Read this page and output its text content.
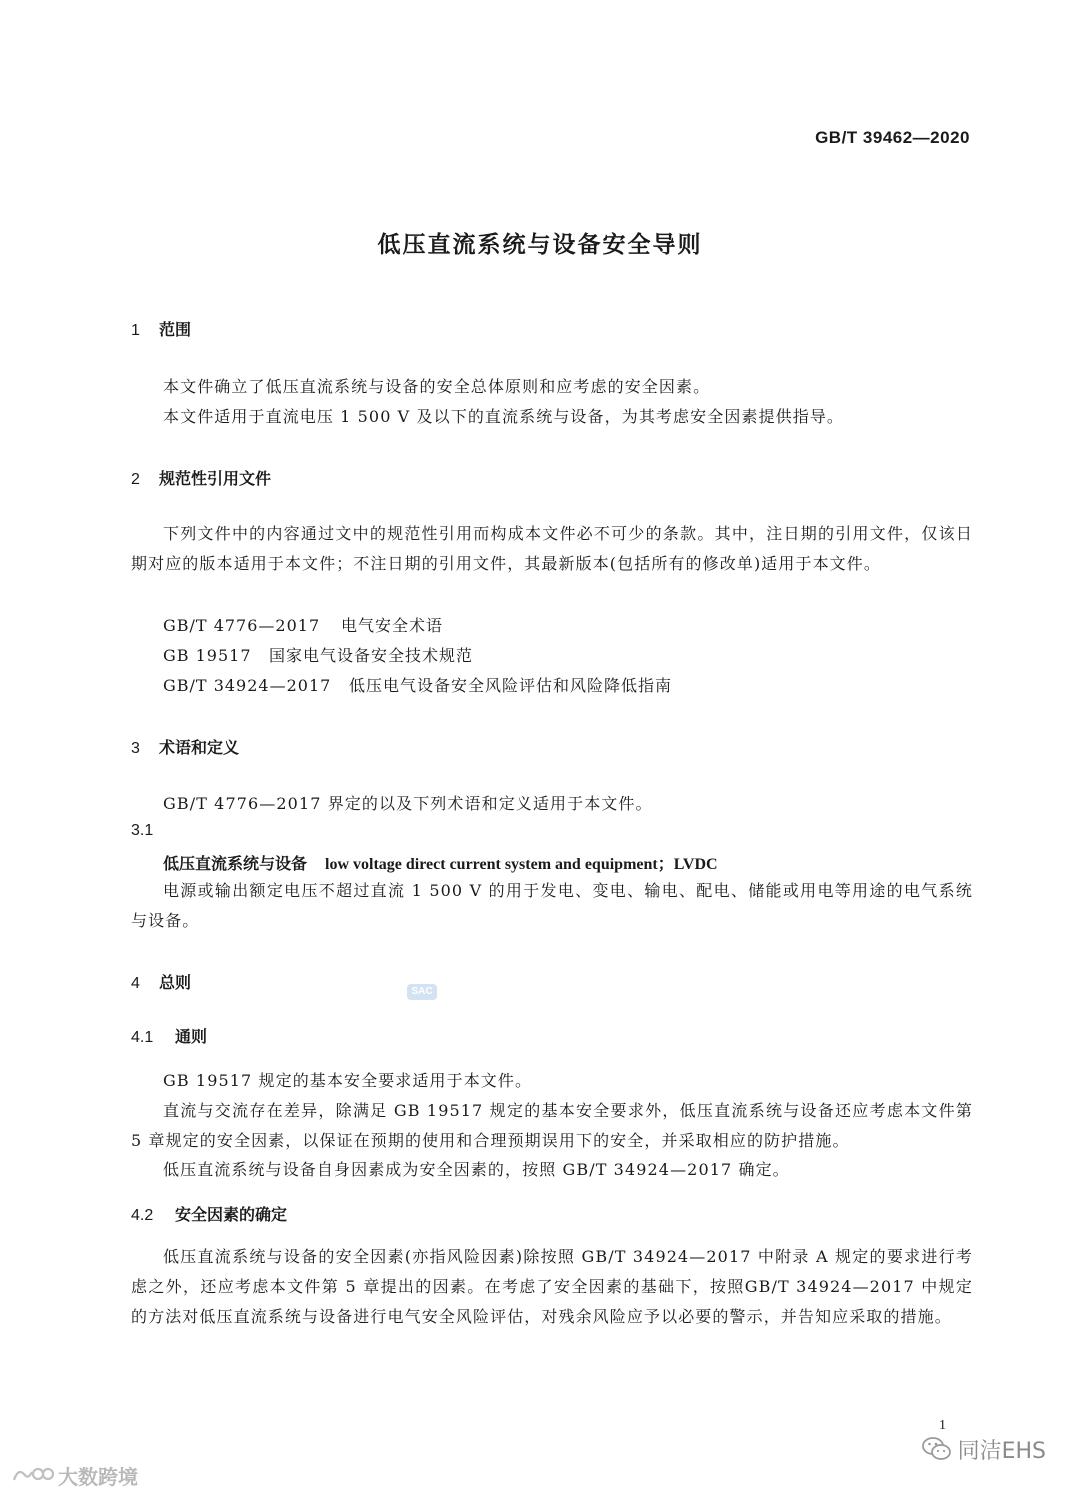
GB/T 39462—2020
低压直流系统与设备安全导则
1 范围
本文件确立了低压直流系统与设备的安全总体原则和应考虑的安全因素。
本文件适用于直流电压 1 500 V 及以下的直流系统与设备，为其考虑安全因素提供指导。
2 规范性引用文件
下列文件中的内容通过文中的规范性引用而构成本文件必不可少的条款。其中，注日期的引用文件，仅该日期对应的版本适用于本文件；不注日期的引用文件，其最新版本(包括所有的修改单)适用于本文件。
GB/T 4776—2017 电气安全术语
GB 19517 国家电气设备安全技术规范
GB/T 34924—2017 低压电气设备安全风险评估和风险降低指南
3 术语和定义
GB/T 4776—2017 界定的以及下列术语和定义适用于本文件。
3.1
低压直流系统与设备 low voltage direct current system and equipment；LVDC
电源或输出额定电压不超过直流 1 500 V 的用于发电、变电、输电、配电、储能或用电等用途的电气系统与设备。
4 总则	SAC
4.1 通则
GB 19517 规定的基本安全要求适用于本文件。
直流与交流存在差异，除满足 GB 19517 规定的基本安全要求外，低压直流系统与设备还应考虑本文件第 5 章规定的安全因素，以保证在预期的使用和合理预期误用下的安全，并采取相应的防护措施。
低压直流系统与设备自身因素成为安全因素的，按照 GB/T 34924—2017 确定。
4.2 安全因素的确定
低压直流系统与设备的安全因素(亦指风险因素)除按照 GB/T 34924—2017 中附录 A 规定的要求进行考虑之外，还应考虑本文件第 5 章提出的因素。在考虑了安全因素的基础下，按照GB/T 34924—2017 中规定的方法对低压直流系统与设备进行电气安全风险评估，对残余风险应予以必要的警示，并告知应采取的措施。
1
同洁EHS
大数跨境
